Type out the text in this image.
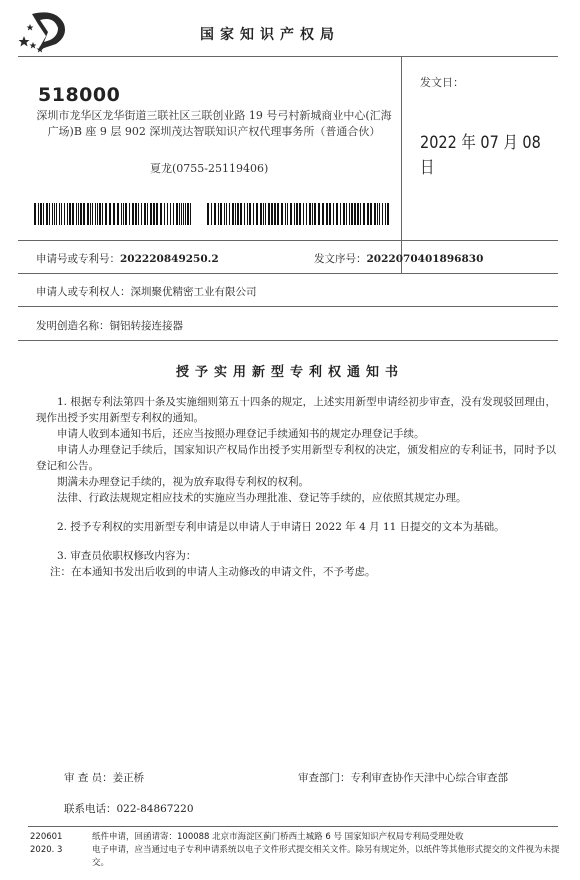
国家知识产权局
518000
深圳市龙华区龙华街道三联社区三联创业路 19 号弓村新城商业中心(汇海广场)B 座 9 层 902 深圳茂达智联知识产权代理事务所（普通合伙）
夏龙(0755-25119406)
发文日：
2022 年 07 月 08 日
申请号或专利号：202220849250.2	发文序号：2022070401896830
申请人或专利权人：深圳聚优精密工业有限公司
发明创造名称：铜铝转接连接器
授予实用新型专利权通知书

1. 根据专利法第四十条及实施细则第五十四条的规定，上述实用新型申请经初步审查，没有发现驳回理由，现作出授予实用新型专利权的通知。

申请人收到本通知书后，还应当按照办理登记手续通知书的规定办理登记手续。

申请人办理登记手续后，国家知识产权局作出授予实用新型专利权的决定，颁发相应的专利证书，同时予以登记和公告。

期满未办理登记手续的，视为放弃取得专利权的权利。

法律、行政法规规定相应技术的实施应当办理批准、登记等手续的，应依照其规定办理。

2. 授予专利权的实用新型专利申请是以申请人于申请日 2022 年 4 月 11 日提交的文本为基础。

3. 审查员依职权修改内容为：

注：在本通知书发出后收到的申请人主动修改的申请文件，不予考虑。

审 查 员：姜正桥	审查部门：专利审查协作天津中心综合审查部
联系电话：022-84867220
220601
2020. 3
纸件申请，回函请寄：100088 北京市海淀区蓟门桥西土城路 6 号 国家知识产权局专利局受理处收
电子申请，应当通过电子专利申请系统以电子文件形式提交相关文件。除另有规定外，以纸件等其他形式提交的文件视为未提交。
